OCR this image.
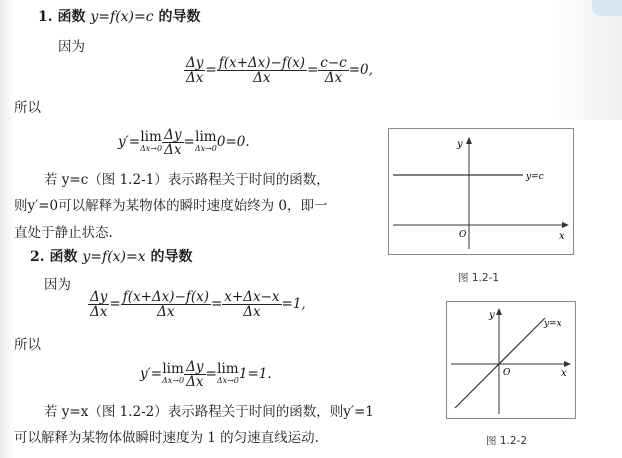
1. 函数 y=f(x)=c 的导数
因为
$\frac{\Delta y}{\Delta x} = \frac{f(x+\Delta x)-f(x)}{\Delta x} = \frac{c-c}{\Delta x} =0$,
所以
y′= lim
$\Delta x\to 0 \frac{\Delta y}{\Delta x} = \lim$
Δx→0 0=0.
若 y=c（图 1.2-1）表示路程关于时间的函数，
则y′=0可以解释为某物体的瞬时速度始终为 0，即一
直处于静止状态.
y
x
O
y=c
图 1.2-1
2. 函数 y=f(x)=x 的导数
因为
$\frac{\Delta y}{\Delta x} = \frac{f(x+\Delta x)-f(x)}{\Delta x} = \frac{x+\Delta x-x}{\Delta x} =1$,
所以
y′= lim
$\Delta x\to 0 \frac{\Delta y}{\Delta x} = \lim$
Δx→0 1=1.
若 y=x（图 1.2-2）表示路程关于时间的函数，则y′=1
可以解释为某物体做瞬时速度为 1 的匀速直线运动.
y
x
O
y=x
图 1.2-2
